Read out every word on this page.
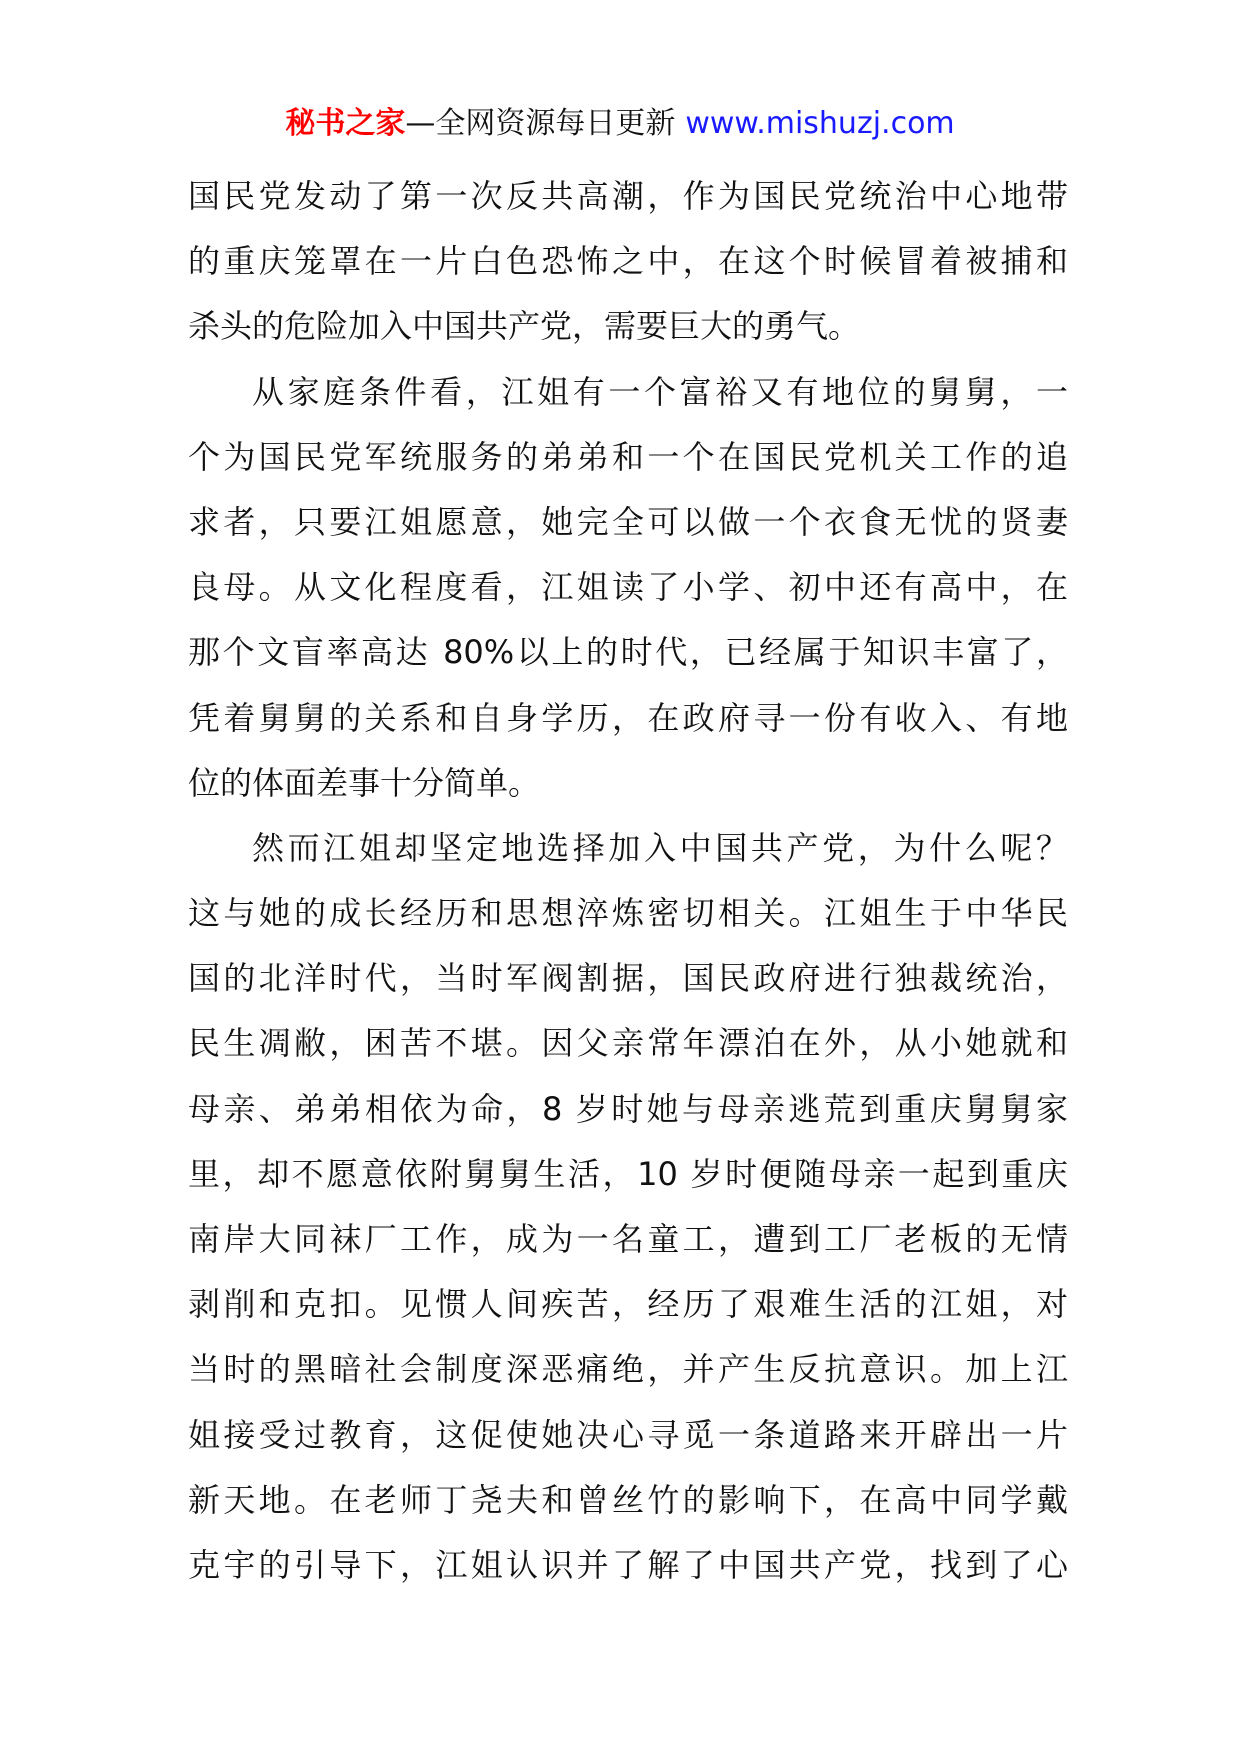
秘书之家—全网资源每日更新 www.mishuzj.com
国民党发动了第一次反共高潮，作为国民党统治中心地带
的重庆笼罩在一片白色恐怖之中，在这个时候冒着被捕和
杀头的危险加入中国共产党，需要巨大的勇气。
从家庭条件看，江姐有一个富裕又有地位的舅舅，一
个为国民党军统服务的弟弟和一个在国民党机关工作的追
求者，只要江姐愿意，她完全可以做一个衣食无忧的贤妻
良母。从文化程度看，江姐读了小学、初中还有高中，在
那个文盲率高达 80%以上的时代，已经属于知识丰富了，
凭着舅舅的关系和自身学历，在政府寻一份有收入、有地
位的体面差事十分简单。
然而江姐却坚定地选择加入中国共产党，为什么呢？
这与她的成长经历和思想淬炼密切相关。江姐生于中华民
国的北洋时代，当时军阀割据，国民政府进行独裁统治，
民生凋敝，困苦不堪。因父亲常年漂泊在外，从小她就和
母亲、弟弟相依为命，8 岁时她与母亲逃荒到重庆舅舅家
里，却不愿意依附舅舅生活，10 岁时便随母亲一起到重庆
南岸大同袜厂工作，成为一名童工，遭到工厂老板的无情
剥削和克扣。见惯人间疾苦，经历了艰难生活的江姐，对
当时的黑暗社会制度深恶痛绝，并产生反抗意识。加上江
姐接受过教育，这促使她决心寻觅一条道路来开辟出一片
新天地。在老师丁尧夫和曾丝竹的影响下，在高中同学戴
克宇的引导下，江姐认识并了解了中国共产党，找到了心
